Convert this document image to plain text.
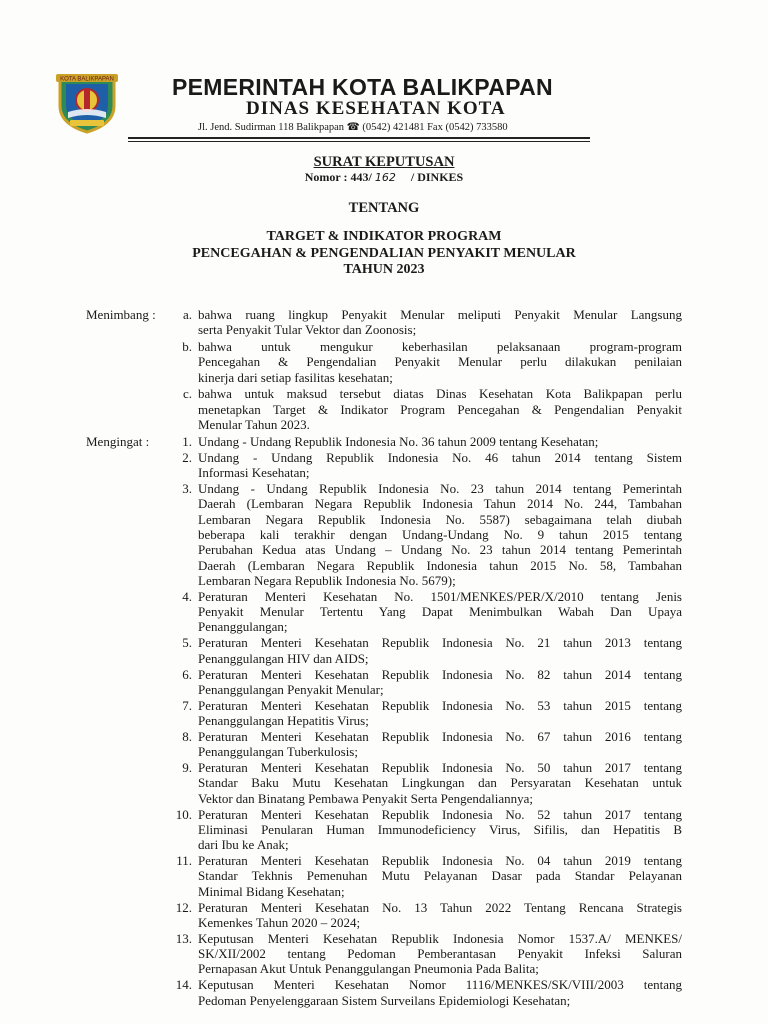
KOTA BALIKPAPAN	PEMERINTAH KOTA BALIKPAPAN
DINAS KESEHATAN KOTA
Jl. Jend. Sudirman 118 Balikpapan ☎ (0542) 421481 Fax (0542) 733580
SURAT KEPUTUSAN
Nomor : 443/ 162 / DINKES
TENTANG
TARGET & INDIKATOR PROGRAM
PENCEGAHAN & PENGENDALIAN PENYAKIT MENULAR
TAHUN 2023
Menimbang :	a. bahwa ruang lingkup Penyakit Menular meliputi Penyakit Menular Langsung
serta Penyakit Tular Vektor dan Zoonosis;
b. bahwa untuk mengukur keberhasilan pelaksanaan program-program
Pencegahan & Pengendalian Penyakit Menular perlu dilakukan penilaian
kinerja dari setiap fasilitas kesehatan;
c. bahwa untuk maksud tersebut diatas Dinas Kesehatan Kota Balikpapan perlu
menetapkan Target & Indikator Program Pencegahan & Pengendalian Penyakit
Menular Tahun 2023.
Mengingat :	1. Undang - Undang Republik Indonesia No. 36 tahun 2009 tentang Kesehatan;
2. Undang - Undang Republik Indonesia No. 46 tahun 2014 tentang Sistem
Informasi Kesehatan;
3. Undang - Undang Republik Indonesia No. 23 tahun 2014 tentang Pemerintah
Daerah (Lembaran Negara Republik Indonesia Tahun 2014 No. 244, Tambahan
Lembaran Negara Republik Indonesia No. 5587) sebagaimana telah diubah
beberapa kali terakhir dengan Undang-Undang No. 9 tahun 2015 tentang
Perubahan Kedua atas Undang – Undang No. 23 tahun 2014 tentang Pemerintah
Daerah (Lembaran Negara Republik Indonesia tahun 2015 No. 58, Tambahan
Lembaran Negara Republik Indonesia No. 5679);
4. Peraturan Menteri Kesehatan No. 1501/MENKES/PER/X/2010 tentang Jenis
Penyakit Menular Tertentu Yang Dapat Menimbulkan Wabah Dan Upaya
Penanggulangan;
5. Peraturan Menteri Kesehatan Republik Indonesia No. 21 tahun 2013 tentang
Penanggulangan HIV dan AIDS;
6. Peraturan Menteri Kesehatan Republik Indonesia No. 82 tahun 2014 tentang
Penanggulangan Penyakit Menular;
7. Peraturan Menteri Kesehatan Republik Indonesia No. 53 tahun 2015 tentang
Penanggulangan Hepatitis Virus;
8. Peraturan Menteri Kesehatan Republik Indonesia No. 67 tahun 2016 tentang
Penanggulangan Tuberkulosis;
9. Peraturan Menteri Kesehatan Republik Indonesia No. 50 tahun 2017 tentang
Standar Baku Mutu Kesehatan Lingkungan dan Persyaratan Kesehatan untuk
Vektor dan Binatang Pembawa Penyakit Serta Pengendaliannya;
10. Peraturan Menteri Kesehatan Republik Indonesia No. 52 tahun 2017 tentang
Eliminasi Penularan Human Immunodeficiency Virus, Sifilis, dan Hepatitis B
dari Ibu ke Anak;
11. Peraturan Menteri Kesehatan Republik Indonesia No. 04 tahun 2019 tentang
Standar Tekhnis Pemenuhan Mutu Pelayanan Dasar pada Standar Pelayanan
Minimal Bidang Kesehatan;
12. Peraturan Menteri Kesehatan No. 13 Tahun 2022 Tentang Rencana Strategis
Kemenkes Tahun 2020 – 2024;
13. Keputusan Menteri Kesehatan Republik Indonesia Nomor 1537.A/ MENKES/
SK/XII/2002 tentang Pedoman Pemberantasan Penyakit Infeksi Saluran
Pernapasan Akut Untuk Penanggulangan Pneumonia Pada Balita;
14. Keputusan Menteri Kesehatan Nomor 1116/MENKES/SK/VIII/2003 tentang
Pedoman Penyelenggaraan Sistem Surveilans Epidemiologi Kesehatan;
